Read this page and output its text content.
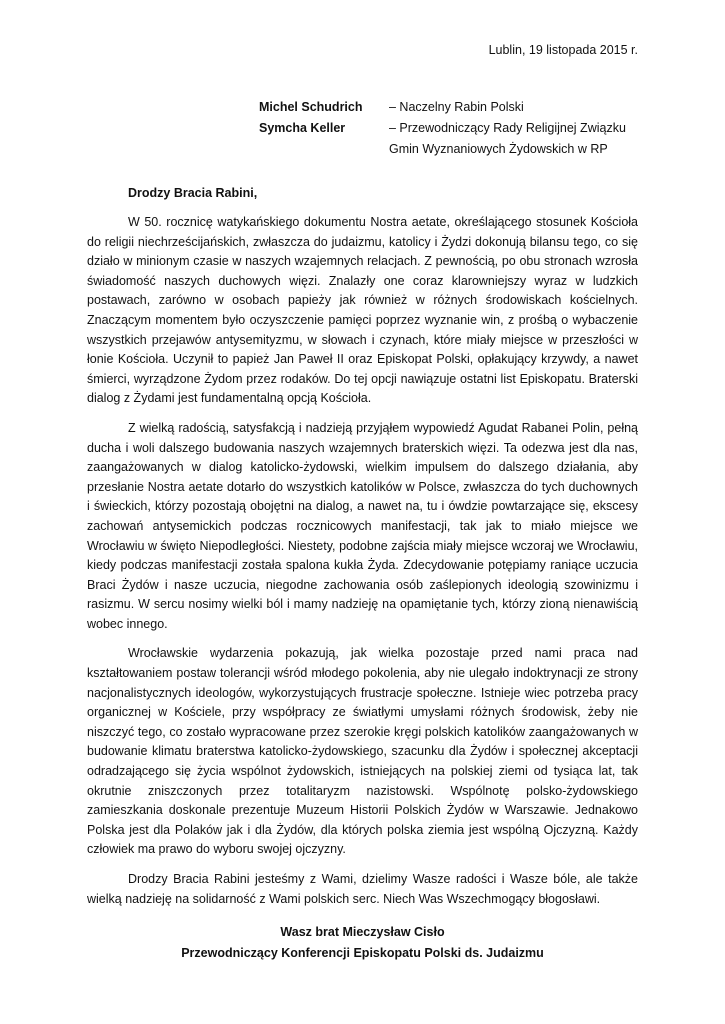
Lublin, 19 listopada 2015 r.
Michel Schudrich	– Naczelny Rabin Polski
Symcha Keller	– Przewodniczący Rady Religijnej Związku Gmin Wyznaniowych Żydowskich w RP
Drodzy Bracia Rabini,

W 50. rocznicę watykańskiego dokumentu Nostra aetate, określającego stosunek Kościoła do religii niechrześcijańskich, zwłaszcza do judaizmu, katolicy i Żydzi dokonują bilansu tego, co się działo w minionym czasie w naszych wzajemnych relacjach. Z pewnością, po obu stronach wzrosła świadomość naszych duchowych więzi. Znalazły one coraz klarowniejszy wyraz w ludzkich postawach, zarówno w osobach papieży jak również w różnych środowiskach kościelnych. Znaczącym momentem było oczyszczenie pamięci poprzez wyznanie win, z prośbą o wybaczenie wszystkich przejawów antysemityzmu, w słowach i czynach, które miały miejsce w przeszłości w łonie Kościoła. Uczynił to papież Jan Paweł II oraz Episkopat Polski, opłakujący krzywdy, a nawet śmierci, wyrządzone Żydom przez rodaków. Do tej opcji nawiązuje ostatni list Episkopatu. Braterski dialog z Żydami jest fundamentalną opcją Kościoła.

Z wielką radością, satysfakcją i nadzieją przyjąłem wypowiedź Agudat Rabanei Polin, pełną ducha i woli dalszego budowania naszych wzajemnych braterskich więzi. Ta odezwa jest dla nas, zaangażowanych w dialog katolicko-żydowski, wielkim impulsem do dalszego działania, aby przesłanie Nostra aetate dotarło do wszystkich katolików w Polsce, zwłaszcza do tych duchownych i świeckich, którzy pozostają obojętni na dialog, a nawet na, tu i ówdzie powtarzające się, ekscesy zachowań antysemickich podczas rocznicowych manifestacji, tak jak to miało miejsce we Wrocławiu w święto Niepodległości. Niestety, podobne zajścia miały miejsce wczoraj we Wrocławiu, kiedy podczas manifestacji została spalona kukła Żyda. Zdecydowanie potępiamy raniące uczucia Braci Żydów i nasze uczucia, niegodne zachowania osób zaślepionych ideologią szowinizmu i rasizmu. W sercu nosimy wielki ból i mamy nadzieję na opamiętanie tych, którzy zioną nienawiścią wobec innego.

Wrocławskie wydarzenia pokazują, jak wielka pozostaje przed nami praca nad kształtowaniem postaw tolerancji wśród młodego pokolenia, aby nie ulegało indoktrynacji ze strony nacjonalistycznych ideologów, wykorzystujących frustracje społeczne. Istnieje wiec potrzeba pracy organicznej w Kościele, przy współpracy ze światłymi umysłami różnych środowisk, żeby nie niszczyć tego, co zostało wypracowane przez szerokie kręgi polskich katolików zaangażowanych w budowanie klimatu braterstwa katolicko-żydowskiego, szacunku dla Żydów i społecznej akceptacji odradzającego się życia wspólnot żydowskich, istniejących na polskiej ziemi od tysiąca lat, tak okrutnie zniszczonych przez totalitaryzm nazistowski. Wspólnotę polsko-żydowskiego zamieszkania doskonale prezentuje Muzeum Historii Polskich Żydów w Warszawie. Jednakowo Polska jest dla Polaków jak i dla Żydów, dla których polska ziemia jest wspólną Ojczyzną. Każdy człowiek ma prawo do wyboru swojej ojczyzny.

Drodzy Bracia Rabini jesteśmy z Wami, dzielimy Wasze radości i Wasze bóle, ale także wielką nadzieję na solidarność z Wami polskich serc. Niech Was Wszechmogący błogosławi.

Wasz brat Mieczysław Cisło
Przewodniczący Konferencji Episkopatu Polski ds. Judaizmu
